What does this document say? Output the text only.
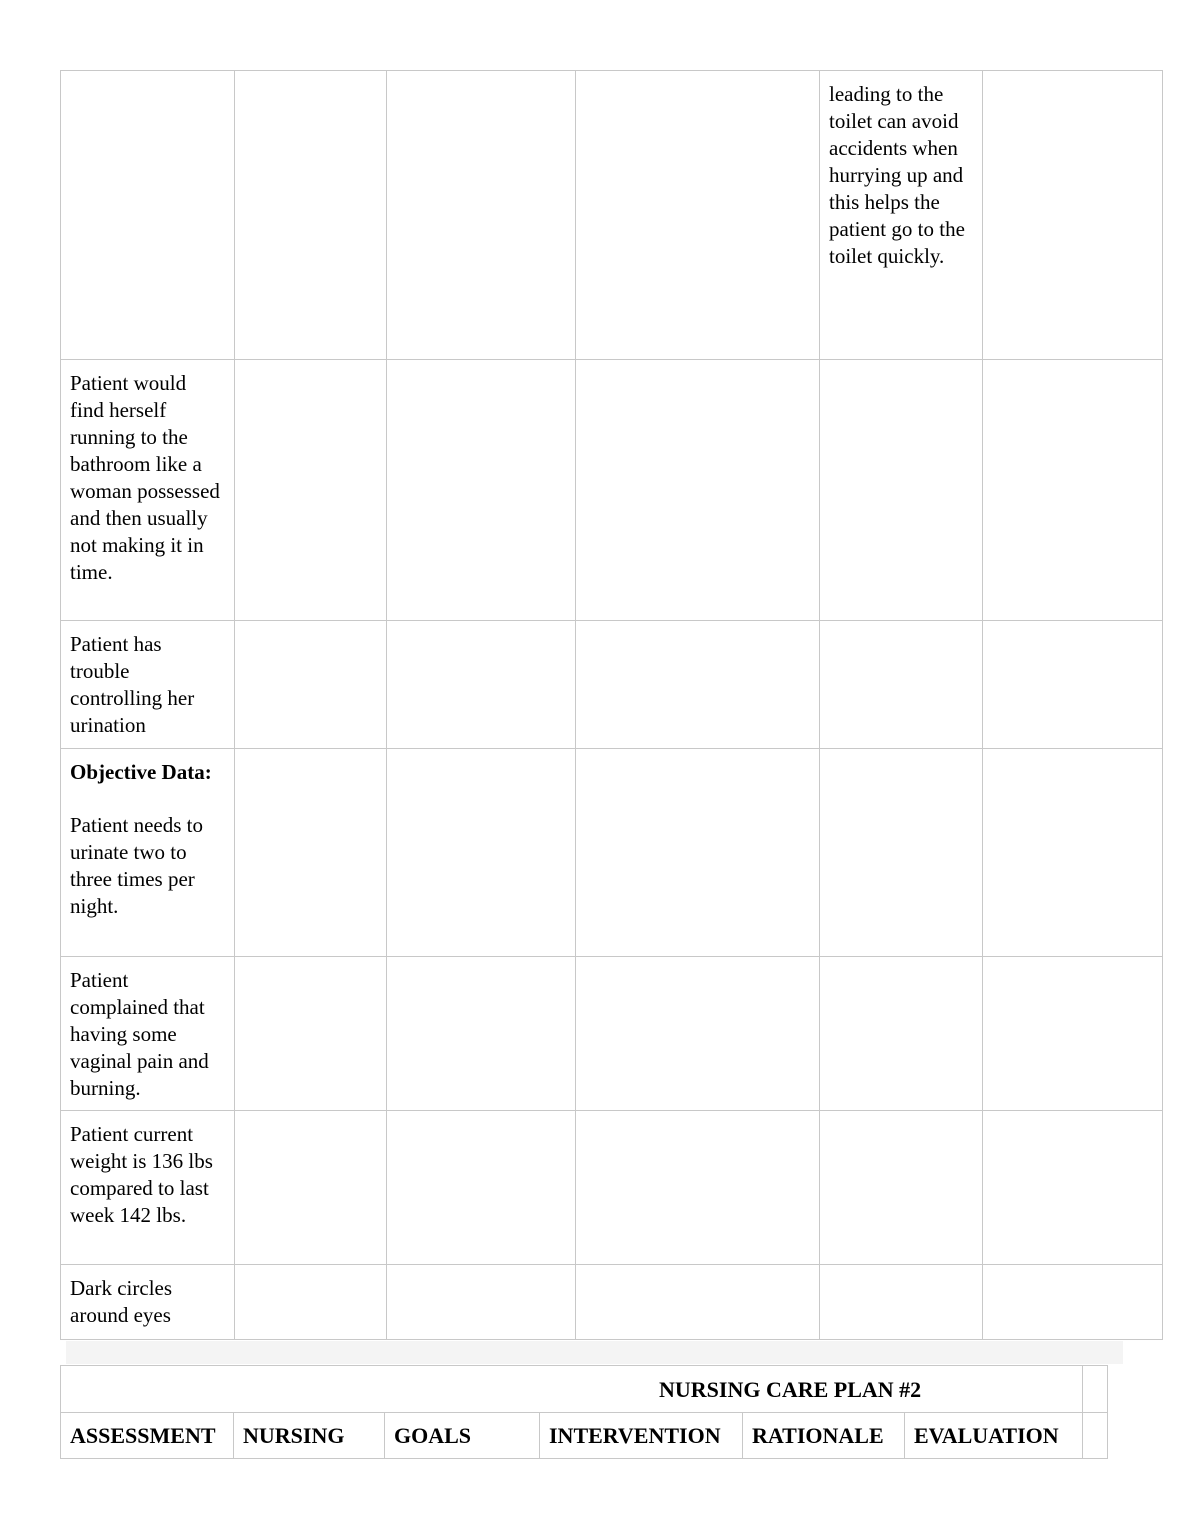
				leading to the toilet can avoid accidents when hurrying up and this helps the patient go to the toilet quickly.	

Patient would find herself running to the bathroom like a woman possessed and then usually not making it in time.					

Patient has trouble controlling her urination					

Objective Data:
Patient needs to urinate two to three times per night.					

Patient complained that having some vaginal pain and burning.					

Patient current weight is 136 lbs compared to last week 142 lbs.					

Dark circles around eyes					

NURSING CARE PLAN #2						
ASSESSMENT	NURSING	GOALS	INTERVENTION	RATIONALE	EVALUATION	
